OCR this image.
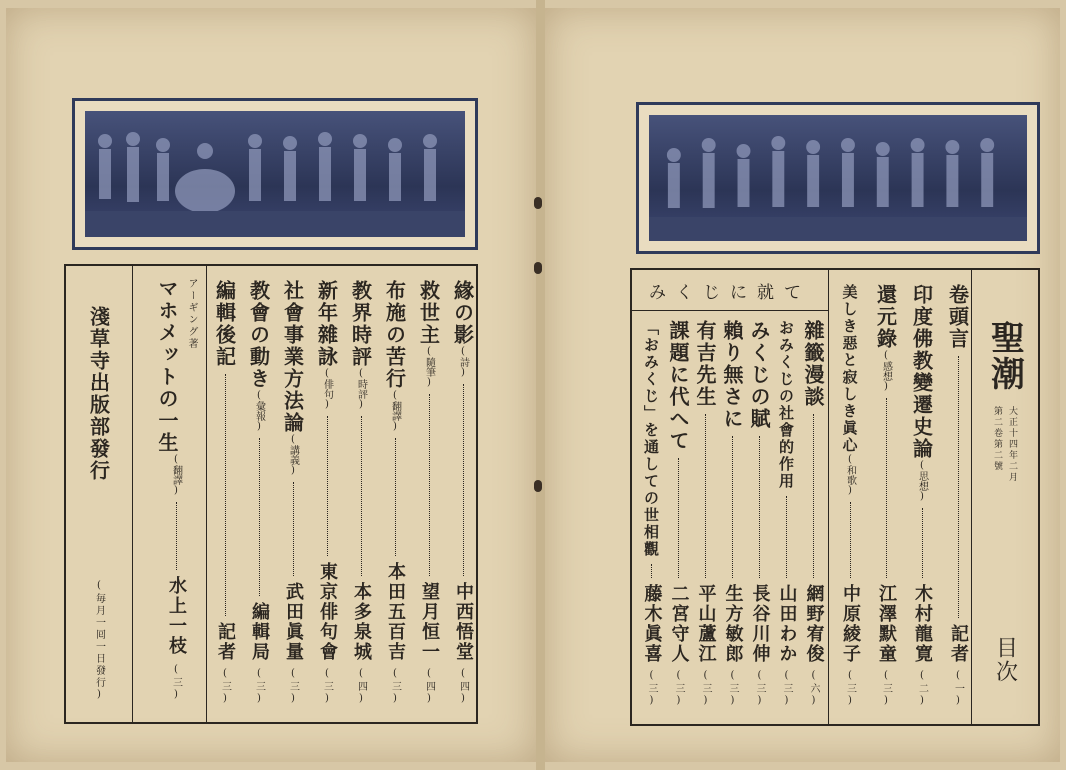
淺草寺出版部發行
(毎月一囘一日發行)
アーギング著
マホメットの一生
(翻譯)
水上一枝
(三)
緣の影
(詩)
中西悟堂
(四)
救世主
(隨筆)
望月恒一
(四)
布施の苦行
(翻譯)
本田五百吉
(三)
教界時評
(時評)
本多泉城
(四)
新年雜詠
(俳句)
東京俳句會
(三)
社會事業方法論
(講義)
武田眞量
(三)
教會の動き
(彙報)
編輯局
(三)
編輯後記
記者
(三)
聖潮
大正十四年二月
第二卷第二號
目次
卷頭言
記者
(一)
印度佛教變遷史論
(思想)
木村龍寛
(二)
還元錄
(感想)
江澤默童
(三)
美しき惡と寂しき眞心
(和歌)
中原綾子
(三)
みくじに就て
雜籤漫談
網野宥俊
(六)
おみくじの社會的作用
山田わか
(三)
みくじの賦
長谷川伸
(三)
賴り無さに
生方敏郎
(三)
有吉先生
平山蘆江
(三)
課題に代へて
二宮守人
(三)
「おみくじ」を通しての世相觀
藤木眞喜
(三)
